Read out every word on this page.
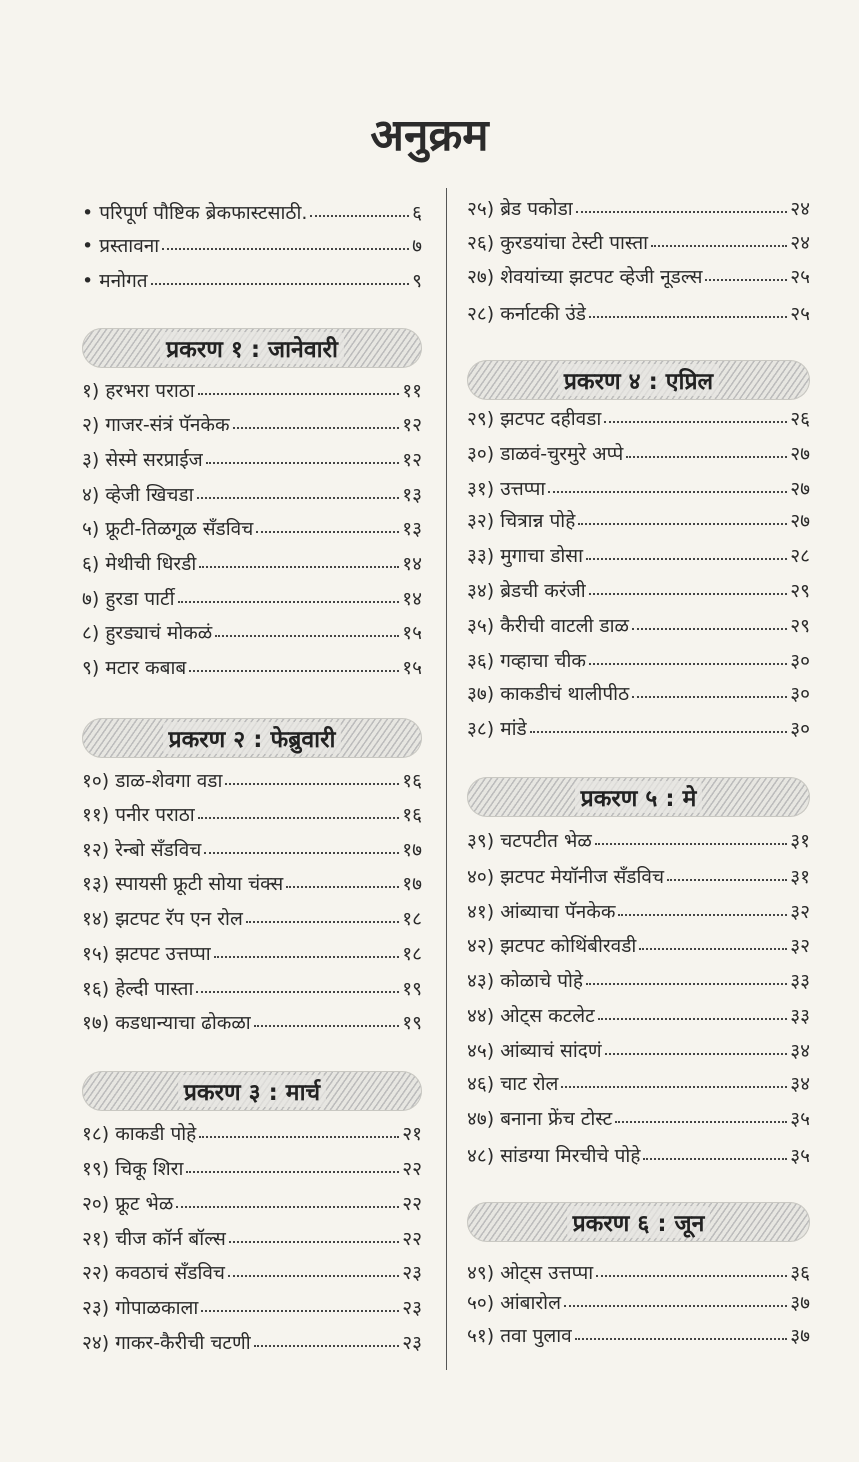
अनुक्रम
• परिपूर्ण पौष्टिक ब्रेकफास्टसाठी.	६
• प्रस्तावना	७
• मनोगत	९
प्रकरण १ : जानेवारी
१) हरभरा पराठा	११
२) गाजर-संत्रं पॅनकेक	१२
३) सेस्मे सरप्राईज	१२
४) व्हेजी खिचडा	१३
५) फ्रूटी-तिळगूळ सँडविच	१३
६) मेथीची धिरडी	१४
७) हुरडा पार्टी	१४
८) हुरड्याचं मोकळं	१५
९) मटार कबाब	१५
प्रकरण २ : फेब्रुवारी
१०) डाळ-शेवगा वडा	१६
११) पनीर पराठा	१६
१२) रेन्बो सँडविच	१७
१३) स्पायसी फ्रूटी सोया चंक्स	१७
१४) झटपट रॅप एन रोल	१८
१५) झटपट उत्तप्पा	१८
१६) हेल्दी पास्ता	१९
१७) कडधान्याचा ढोकळा	१९
प्रकरण ३ : मार्च
१८) काकडी पोहे	२१
१९) चिकू शिरा	२२
२०) फ्रूट भेळ	२२
२१) चीज कॉर्न बॉल्स	२२
२२) कवठाचं सँडविच	२३
२३) गोपाळकाला	२३
२४) गाकर-कैरीची चटणी	२३
२५) ब्रेड पकोडा	२४
२६) कुरडयांचा टेस्टी पास्ता	२४
२७) शेवयांच्या झटपट व्हेजी नूडल्स	२५
२८) कर्नाटकी उंडे	२५
प्रकरण ४ : एप्रिल
२९) झटपट दहीवडा	२६
३०) डाळवं-चुरमुरे अप्पे	२७
३१) उत्तप्पा	२७
३२) चित्रान्न पोहे	२७
३३) मुगाचा डोसा	२८
३४) ब्रेडची करंजी	२९
३५) कैरीची वाटली डाळ	२९
३६) गव्हाचा चीक	३०
३७) काकडीचं थालीपीठ	३०
३८) मांडे	३०
प्रकरण ५ : मे
३९) चटपटीत भेळ	३१
४०) झटपट मेयॉनीज सँडविच	३१
४१) आंब्याचा पॅनकेक	३२
४२) झटपट कोथिंबीरवडी	३२
४३) कोळाचे पोहे	३३
४४) ओट्स कटलेट	३३
४५) आंब्याचं सांदणं	३४
४६) चाट रोल	३४
४७) बनाना फ्रेंच टोस्ट	३५
४८) सांडग्या मिरचीचे पोहे	३५
प्रकरण ६ : जून
४९) ओट्स उत्तप्पा	३६
५०) आंबारोल	३७
५१) तवा पुलाव	३७
